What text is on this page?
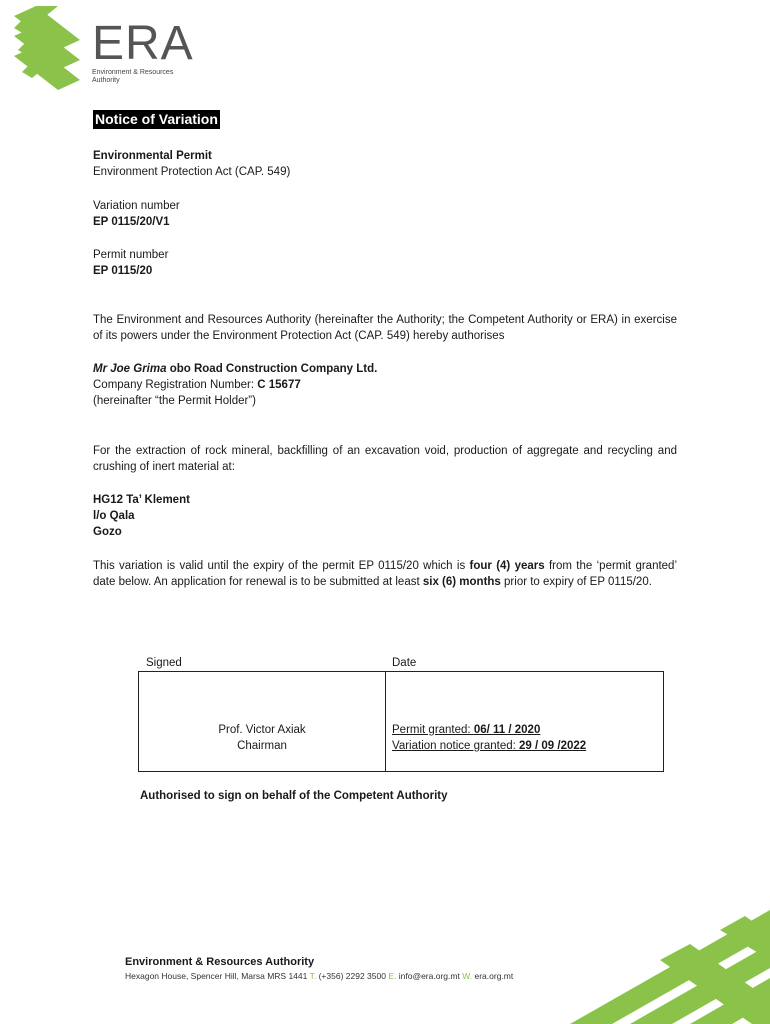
ERA
Environment & Resources Authority
Notice of Variation

Environmental Permit

Environment Protection Act (CAP. 549)

Variation number

EP 0115/20/V1

Permit number

EP 0115/20

The Environment and Resources Authority (hereinafter the Authority; the Competent Authority or ERA) in exercise of its powers under the Environment Protection Act (CAP. 549) hereby authorises

Mr Joe Grima obo Road Construction Company Ltd.

Company Registration Number: C 15677

(hereinafter “the Permit Holder”)

For the extraction of rock mineral, backfilling of an excavation void, production of aggregate and recycling and crushing of inert material at:

HG12 Ta’ Klement

l/o Qala

Gozo

This variation is valid until the expiry of the permit EP 0115/20 which is four (4) years from the ‘permit granted’ date below. An application for renewal is to be submitted at least six (6) months prior to expiry of EP 0115/20.

Signed	Date

Prof. Victor Axiak

Chairman

Permit granted: 06/ 11 / 2020

Variation notice granted: 29 / 09 /2022

Authorised to sign on behalf of the Competent Authority

Environment & Resources Authority

Hexagon House, Spencer Hill, Marsa MRS 1441 T. (+356) 2292 3500 E. info@era.org.mt W. era.org.mt
